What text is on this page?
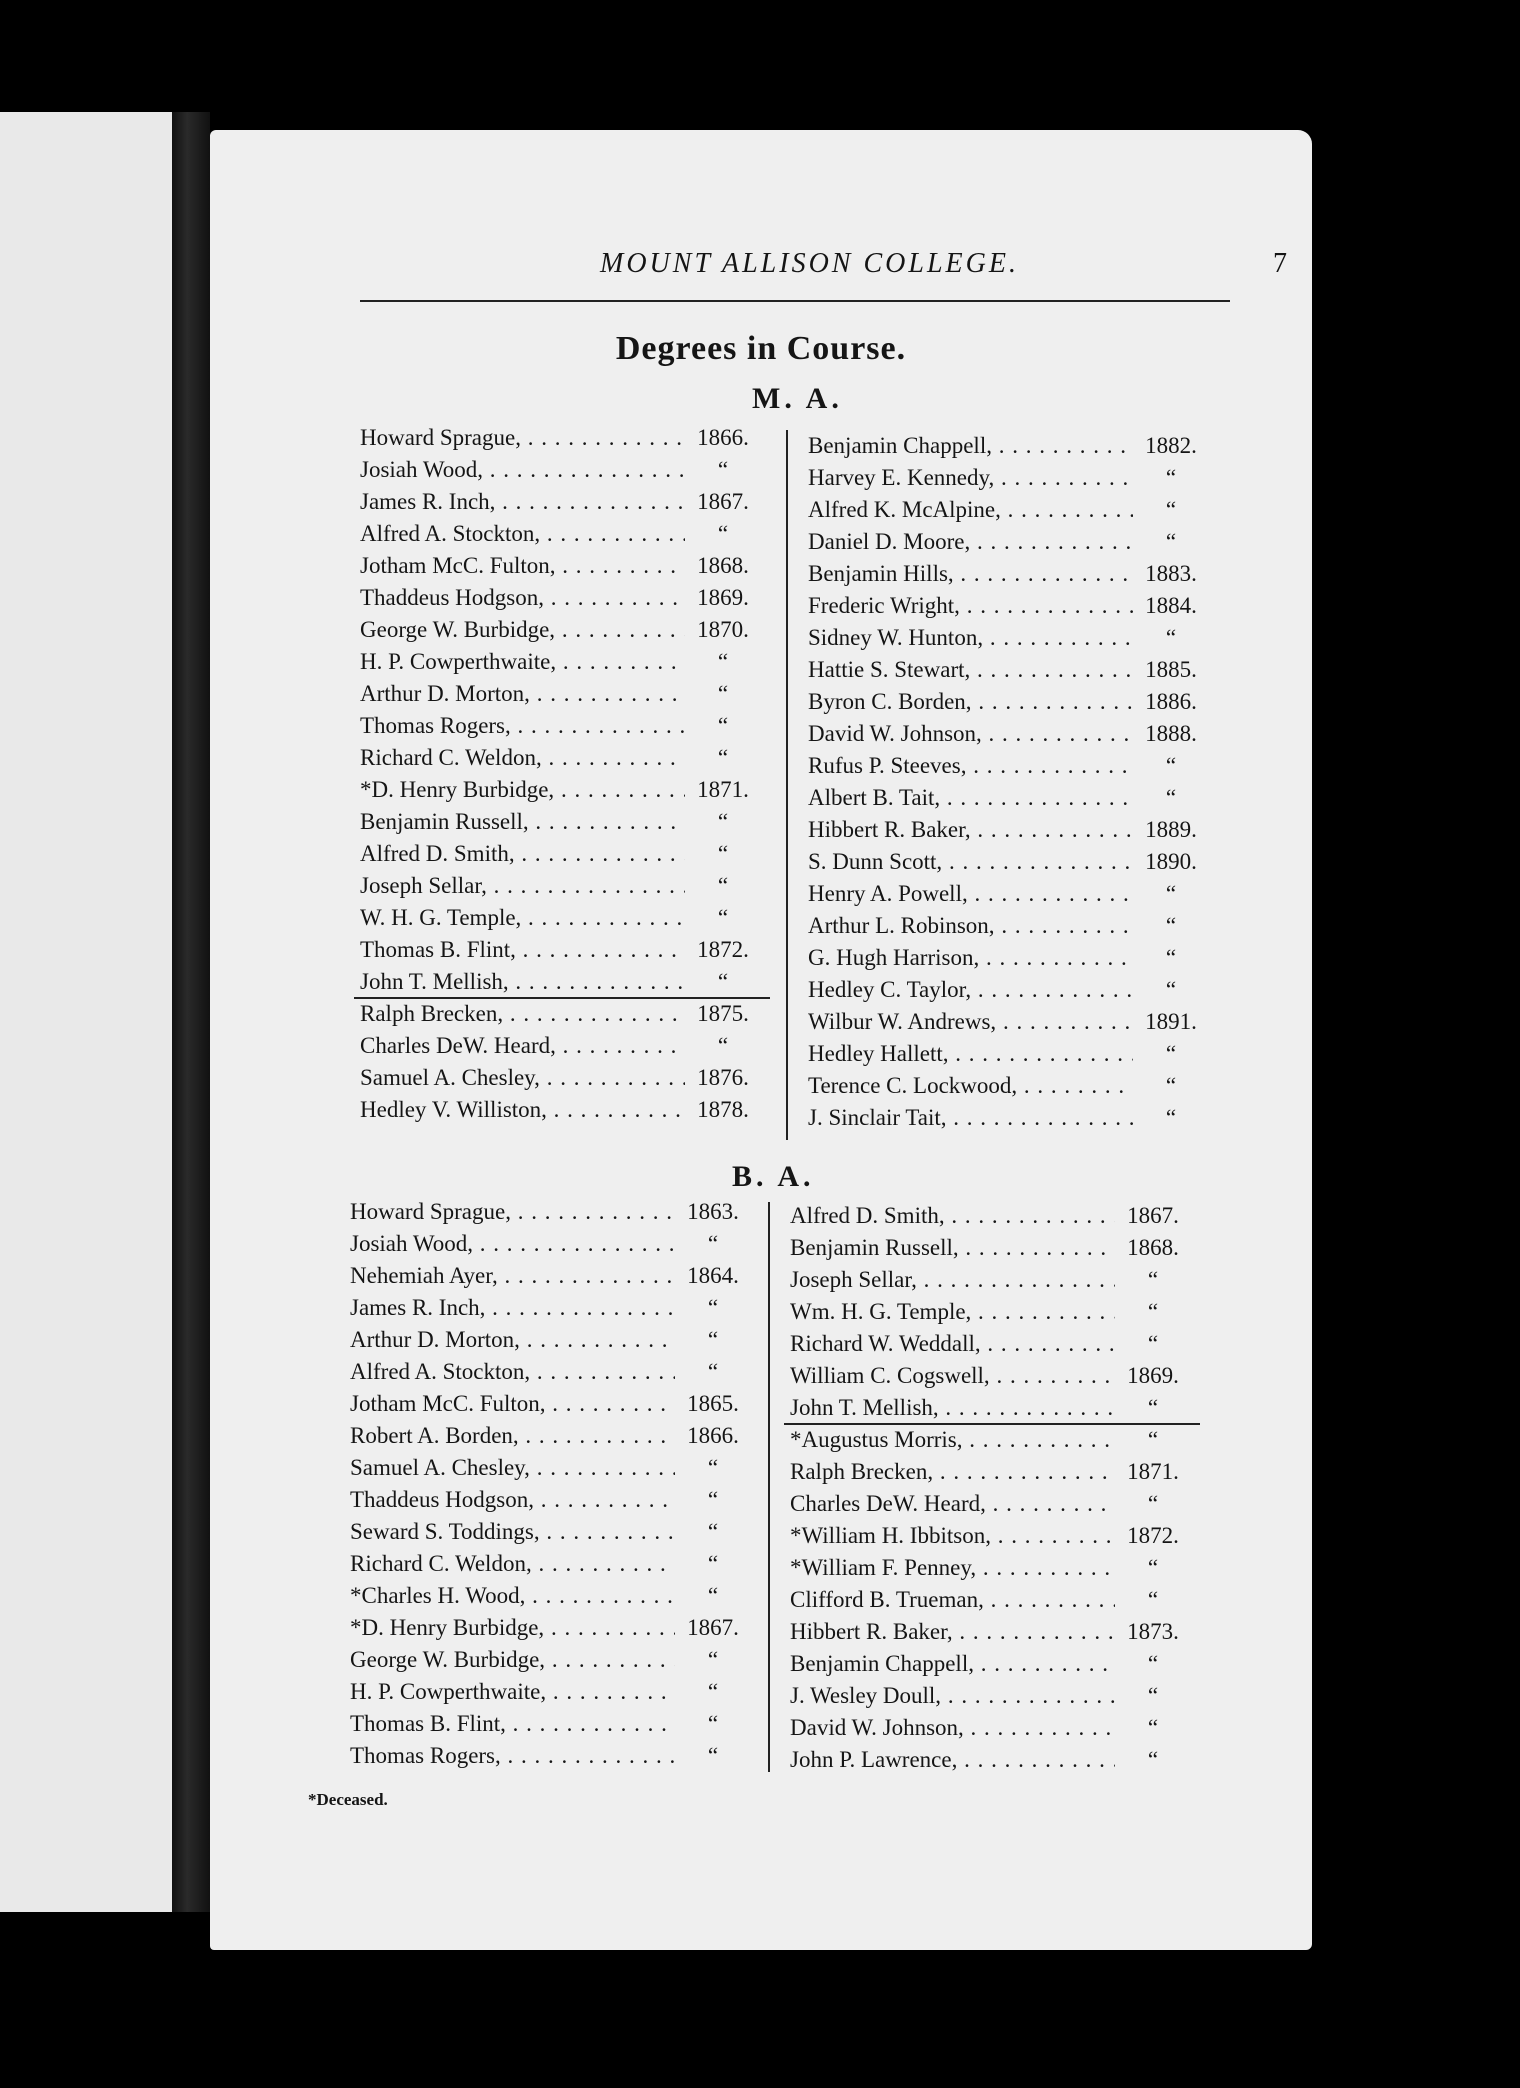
MOUNT ALLISON COLLEGE.	7
Degrees in Course.
M. A.
Howard Sprague, . . .	1866.
Josiah Wood, . . .	“
James R. Inch, . . .	1867.
Alfred A. Stockton, . . .	“
Jotham McC. Fulton, . . .	1868.
Thaddeus Hodgson, . . .	1869.
George W. Burbidge, . . .	1870.
H. P. Cowperthwaite, . . .	“
Arthur D. Morton, . . .	“
Thomas Rogers, . . .	“
Richard C. Weldon, . . .	“
*D. Henry Burbidge, . . .	1871.
Benjamin Russell, . . .	“
Alfred D. Smith, . . .	“
Joseph Sellar, . . .	“
W. H. G. Temple, . . .	“
Thomas B. Flint, . . .	1872.
John T. Mellish, . . .	“
Ralph Brecken, . . .	1875.
Charles DeW. Heard, . . .	“
Samuel A. Chesley, . . .	1876.
Hedley V. Williston, . . .	1878.
Benjamin Chappell, . . .	1882.
Harvey E. Kennedy, . . .	“
Alfred K. McAlpine, . . .	“
Daniel D. Moore, . . .	“
Benjamin Hills, . . .	1883.
Frederic Wright, . . .	1884.
Sidney W. Hunton, . . .	“
Hattie S. Stewart, . . .	1885.
Byron C. Borden, . . .	1886.
David W. Johnson, . . .	1888.
Rufus P. Steeves, . . .	“
Albert B. Tait, . . .	“
Hibbert R. Baker, . . .	1889.
S. Dunn Scott, . . .	1890.
Henry A. Powell, . . .	“
Arthur L. Robinson, . . .	“
G. Hugh Harrison, . . .	“
Hedley C. Taylor, . . .	“
Wilbur W. Andrews, . . .	1891.
Hedley Hallett, . . .	“
Terence C. Lockwood, . . .	“
J. Sinclair Tait, . . .	“
B. A.
Howard Sprague, . . .	1863.
Josiah Wood, . . .	“
Nehemiah Ayer, . . .	1864.
James R. Inch, . . .	“
Arthur D. Morton, . . .	“
Alfred A. Stockton, . . .	“
Jotham McC. Fulton, . . .	1865.
Robert A. Borden, . . .	1866.
Samuel A. Chesley, . . .	“
Thaddeus Hodgson, . . .	“
Seward S. Toddings, . . .	“
Richard C. Weldon, . . .	“
*Charles H. Wood, . . .	“
*D. Henry Burbidge, . . .	1867.
George W. Burbidge, . . .	“
H. P. Cowperthwaite, . . .	“
Thomas B. Flint, . . .	“
Thomas Rogers, . . .	“
Alfred D. Smith, . . .	1867.
Benjamin Russell, . . .	1868.
Joseph Sellar, . . .	“
Wm. H. G. Temple, . . .	“
Richard W. Weddall, . . .	“
William C. Cogswell, . . .	1869.
John T. Mellish, . . .	“
*Augustus Morris, . . .	“
Ralph Brecken, . . .	1871.
Charles DeW. Heard, . . .	“
*William H. Ibbitson, . . .	1872.
*William F. Penney, . . .	“
Clifford B. Trueman, . . .	“
Hibbert R. Baker, . . .	1873.
Benjamin Chappell, . . .	“
J. Wesley Doull, . . .	“
David W. Johnson, . . .	“
John P. Lawrence, . . .	“
*Deceased.
